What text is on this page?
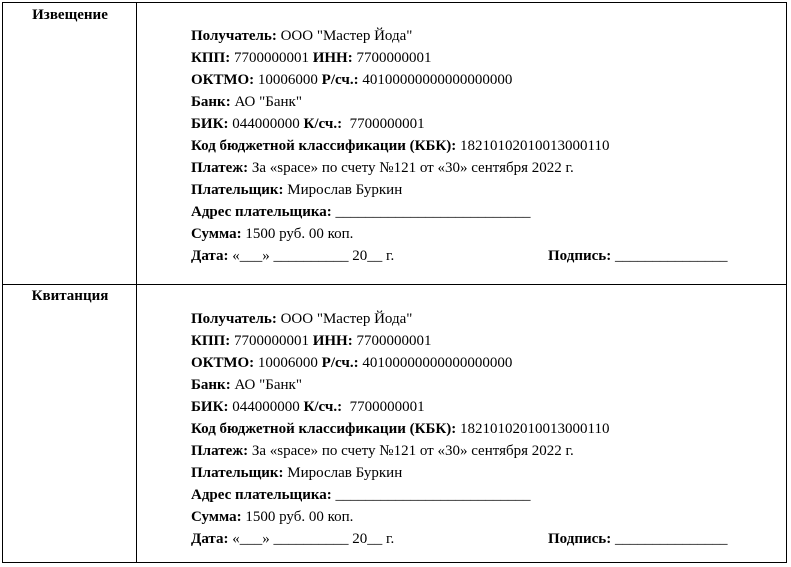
Извещение
Получатель: ООО "Мастер Йода"
КПП: 7700000001 ИНН: 7700000001
ОКТМО: 10006000 Р/сч.: 40100000000000000000
Банк: АО "Банк"
БИК: 044000000 К/сч.:  7700000001
Код бюджетной классификации (КБК): 18210102010013000110
Платеж: За «space» по счету №121 от «30» сентября 2022 г.
Плательщик: Мирослав Буркин
Адрес плательщика: __________________________
Сумма: 1500 руб. 00 коп.
Дата: «___» __________ 20__ г.	Подпись: _______________
Квитанция
Получатель: ООО "Мастер Йода"
КПП: 7700000001 ИНН: 7700000001
ОКТМО: 10006000 Р/сч.: 40100000000000000000
Банк: АО "Банк"
БИК: 044000000 К/сч.:  7700000001
Код бюджетной классификации (КБК): 18210102010013000110
Платеж: За «space» по счету №121 от «30» сентября 2022 г.
Плательщик: Мирослав Буркин
Адрес плательщика: __________________________
Сумма: 1500 руб. 00 коп.
Дата: «___» __________ 20__ г.	Подпись: _______________
